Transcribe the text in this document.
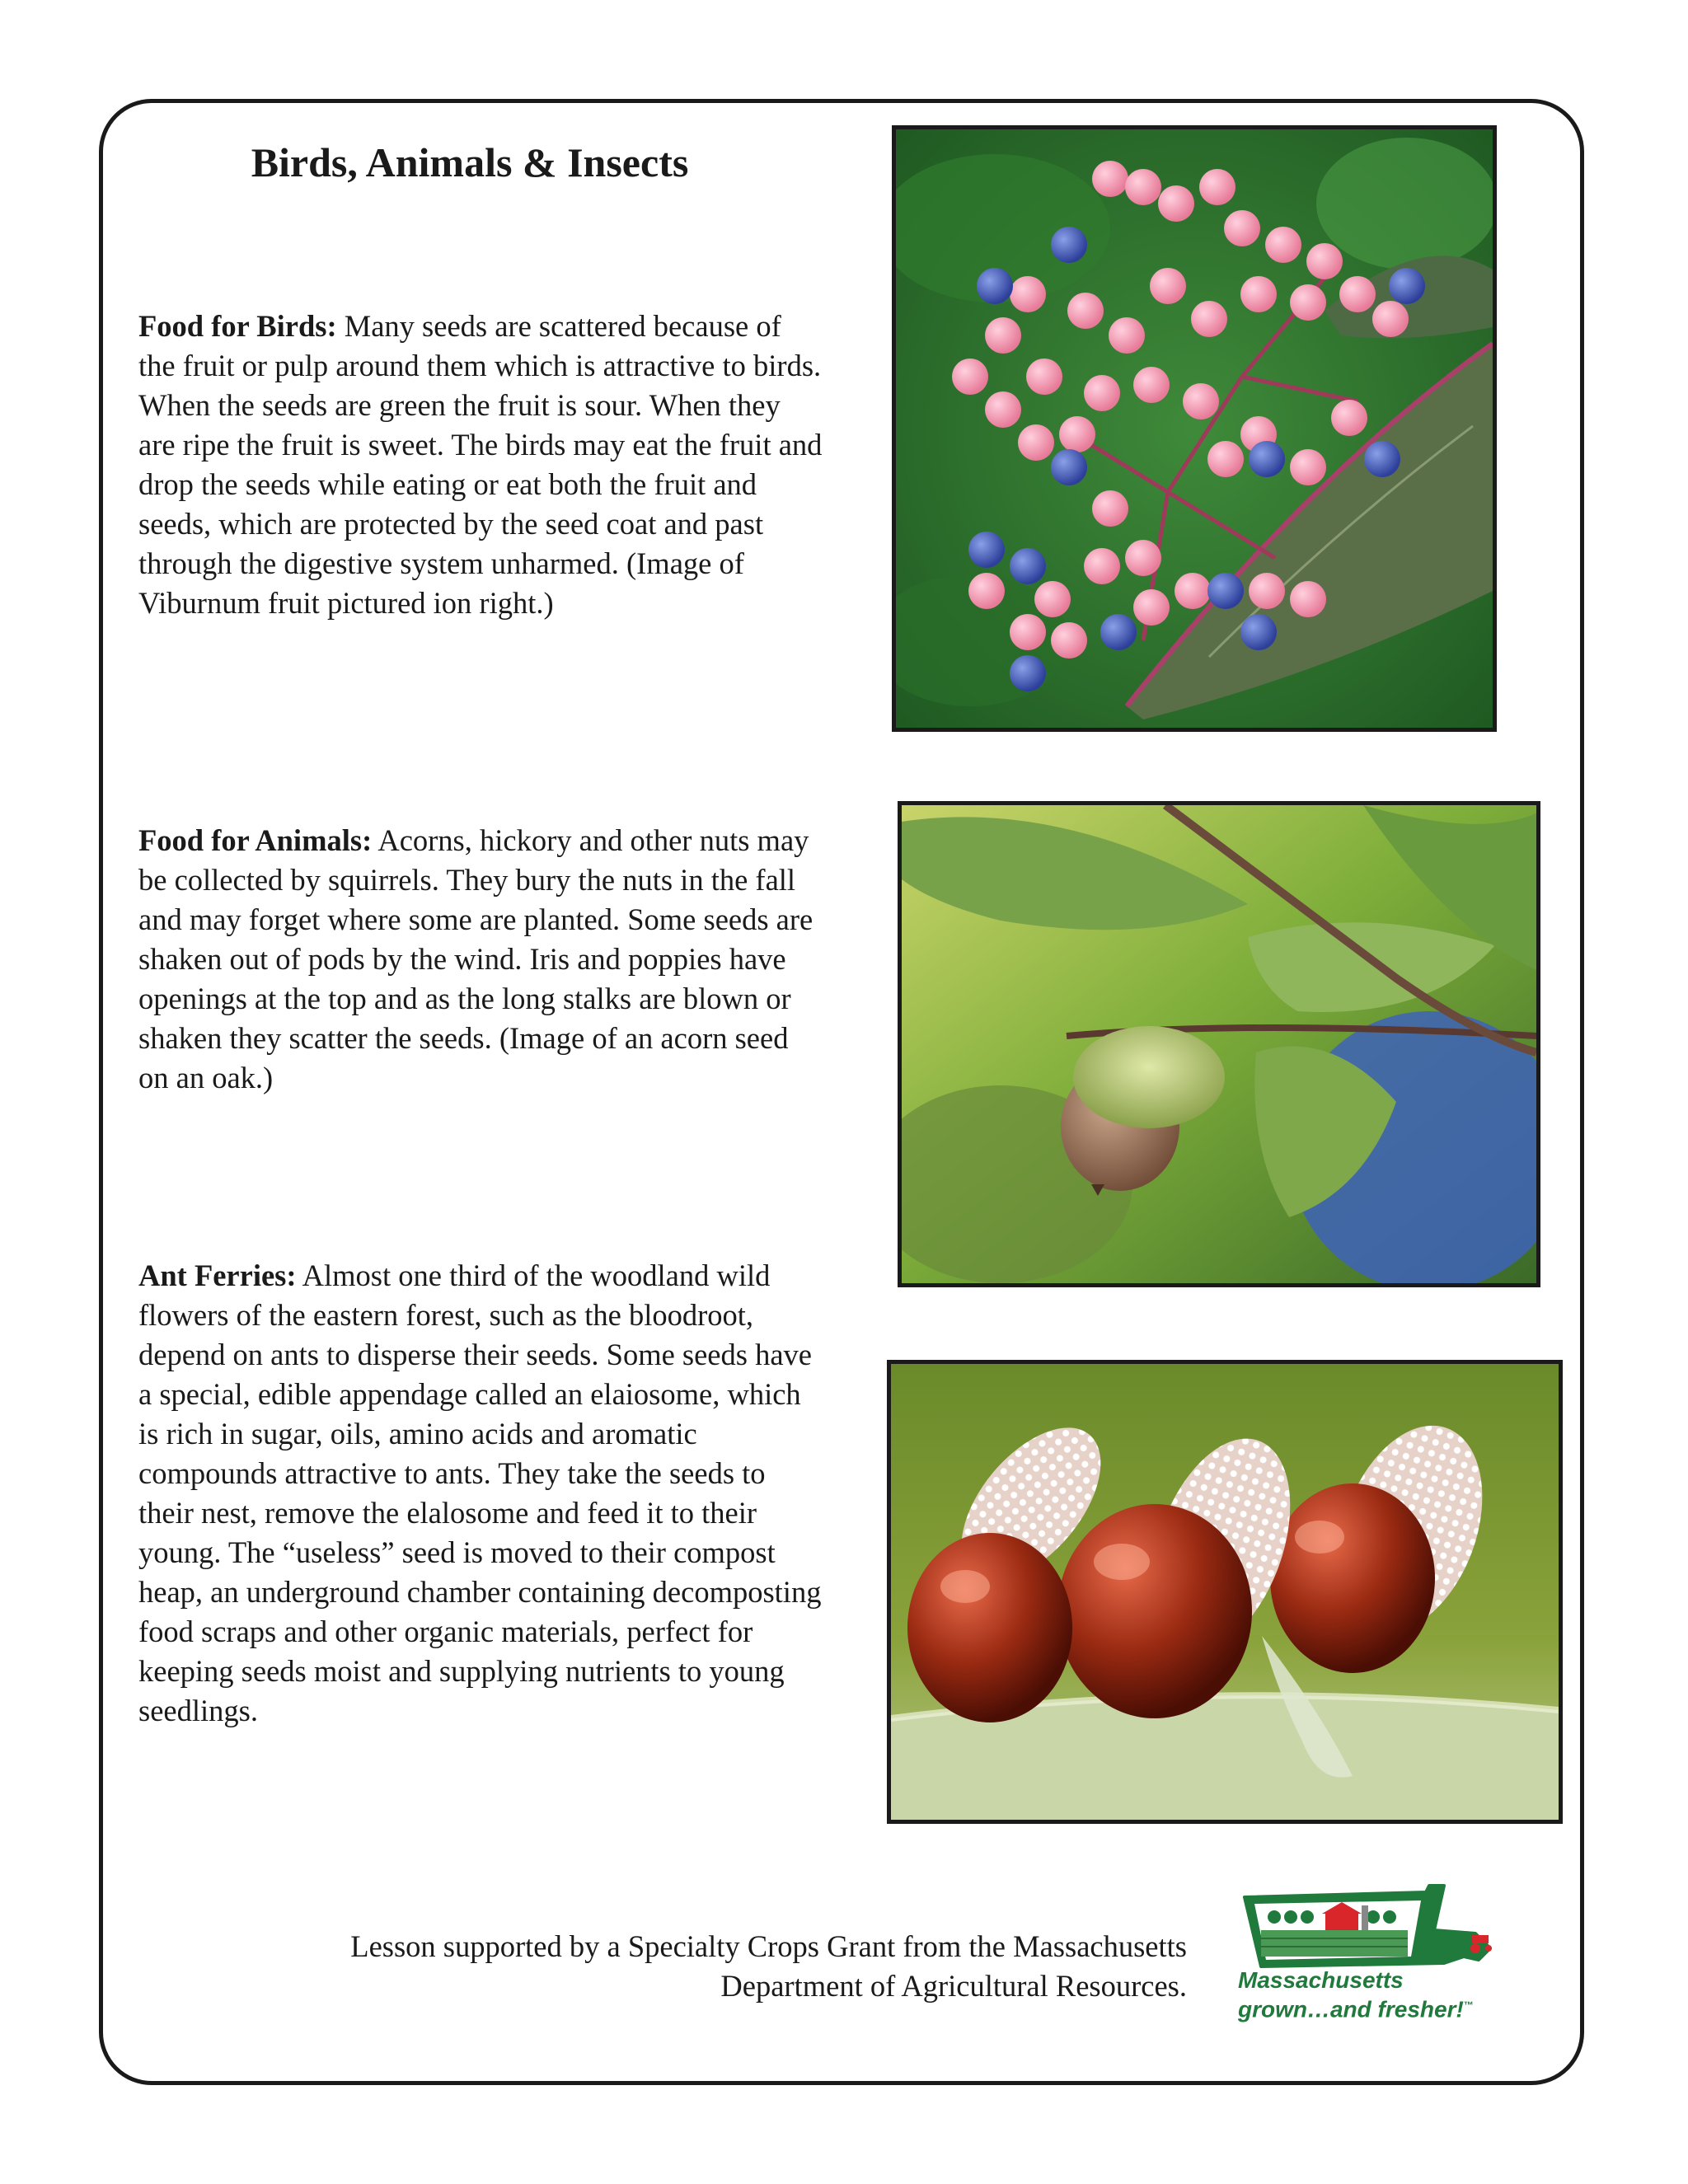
Birds, Animals & Insects

Food for Birds: Many seeds are scattered because of the fruit or pulp around them which is attractive to birds. When the seeds are green the fruit is sour. When they are ripe the fruit is sweet. The birds may eat the fruit and drop the seeds while eating or eat both the fruit and seeds, which are protected by the seed coat and past through the digestive system unharmed. (Image of Viburnum fruit pictured ion right.)

Food for Animals: Acorns, hickory and other nuts may be collected by squirrels. They bury the nuts in the fall and may forget where some are planted. Some seeds are shaken out of pods by the wind. Iris and poppies have openings at the top and as the long stalks are blown or shaken they scatter the seeds. (Image of an acorn seed on an oak.)

Ant Ferries: Almost one third of the woodland wild flowers of the eastern forest, such as the bloodroot, depend on ants to disperse their seeds. Some seeds have a special, edible appendage called an elaiosome, which is rich in sugar, oils, amino acids and aromatic compounds attractive to ants. They take the seeds to their nest, remove the elalosome and feed it to their young. The “useless” seed is moved to their compost heap, an underground chamber containing decomposting food scraps and other organic materials, perfect for keeping seeds moist and supplying nutrients to young seedlings.

Lesson supported by a Specialty Crops Grant from the Massachusetts
Department of Agricultural Resources. Massachusetts
grown…and fresher!™
